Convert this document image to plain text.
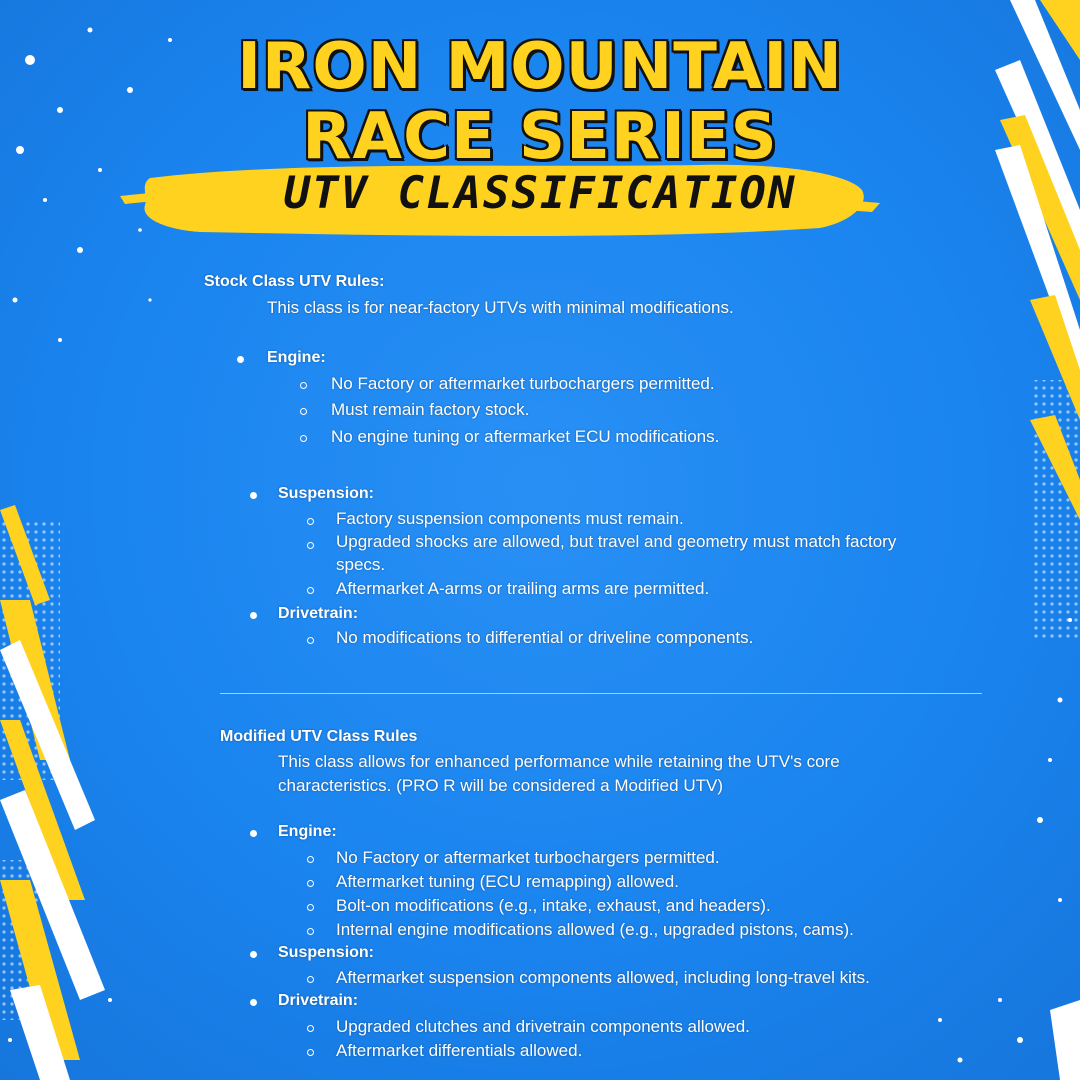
IRON MOUNTAIN
RACE SERIES
UTV CLASSIFICATION
Stock Class UTV Rules:
This class is for near-factory UTVs with minimal modifications.
Engine:
No Factory or aftermarket turbochargers permitted.
Must remain factory stock.
No engine tuning or aftermarket ECU modifications.
Suspension:
Factory suspension components must remain.
Upgraded shocks are allowed, but travel and geometry must match factory
specs.
Aftermarket A-arms or trailing arms are permitted.
Drivetrain:
No modifications to differential or driveline components.
Modified UTV Class Rules
This class allows for enhanced performance while retaining the UTV's core
characteristics. (PRO R will be considered a Modified UTV)
Engine:
No Factory or aftermarket turbochargers permitted.
Aftermarket tuning (ECU remapping) allowed.
Bolt-on modifications (e.g., intake, exhaust, and headers).
Internal engine modifications allowed (e.g., upgraded pistons, cams).
Suspension:
Aftermarket suspension components allowed, including long-travel kits.
Drivetrain:
Upgraded clutches and drivetrain components allowed.
Aftermarket differentials allowed.
